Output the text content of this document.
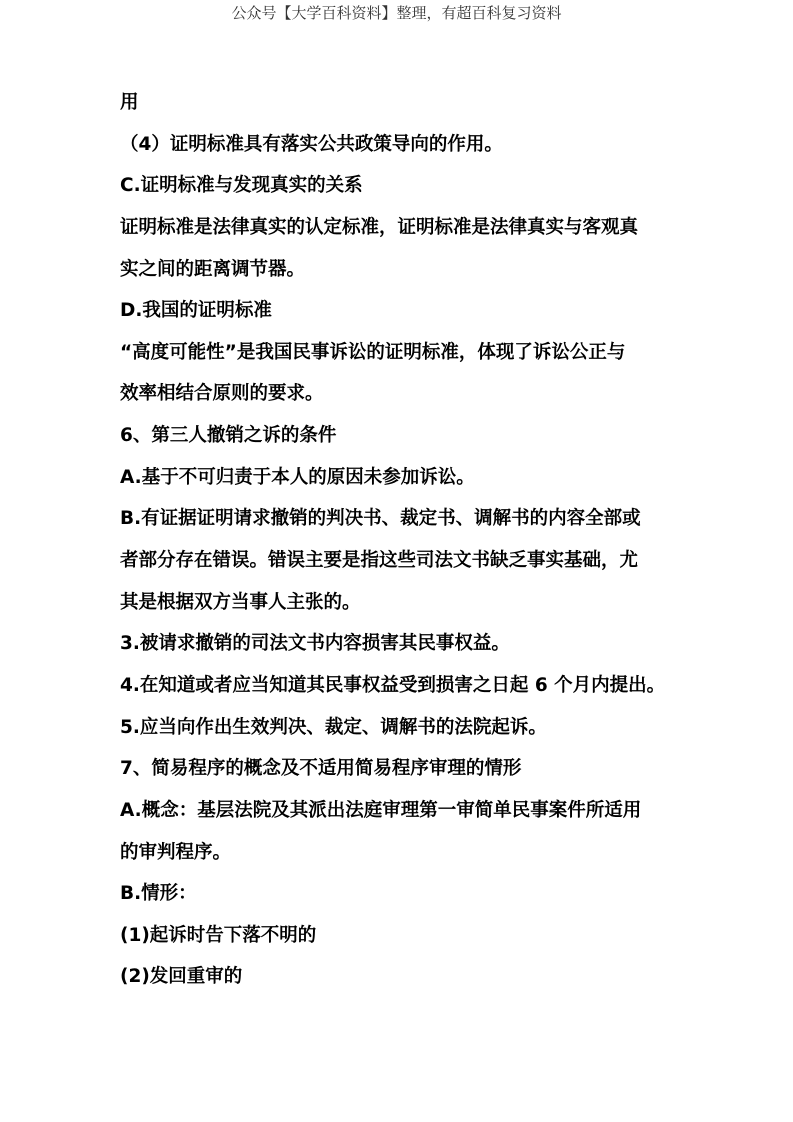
公众号【大学百科资料】整理，有超百科复习资料
用
（4）证明标准具有落实公共政策导向的作用。
C.证明标准与发现真实的关系
证明标准是法律真实的认定标准，证明标准是法律真实与客观真
实之间的距离调节器。
D.我国的证明标准
“高度可能性”是我国民事诉讼的证明标准，体现了诉讼公正与
效率相结合原则的要求。
6、第三人撤销之诉的条件
A.基于不可归责于本人的原因未参加诉讼。
B.有证据证明请求撤销的判决书、裁定书、调解书的内容全部或
者部分存在错误。错误主要是指这些司法文书缺乏事实基础，尤
其是根据双方当事人主张的。
3.被请求撤销的司法文书内容损害其民事权益。
4.在知道或者应当知道其民事权益受到损害之日起 6 个月内提出。
5.应当向作出生效判决、裁定、调解书的法院起诉。
7、简易程序的概念及不适用简易程序审理的情形
A.概念：基层法院及其派出法庭审理第一审简单民事案件所适用
的审判程序。
B.情形：
(1)起诉时告下落不明的
(2)发回重审的
